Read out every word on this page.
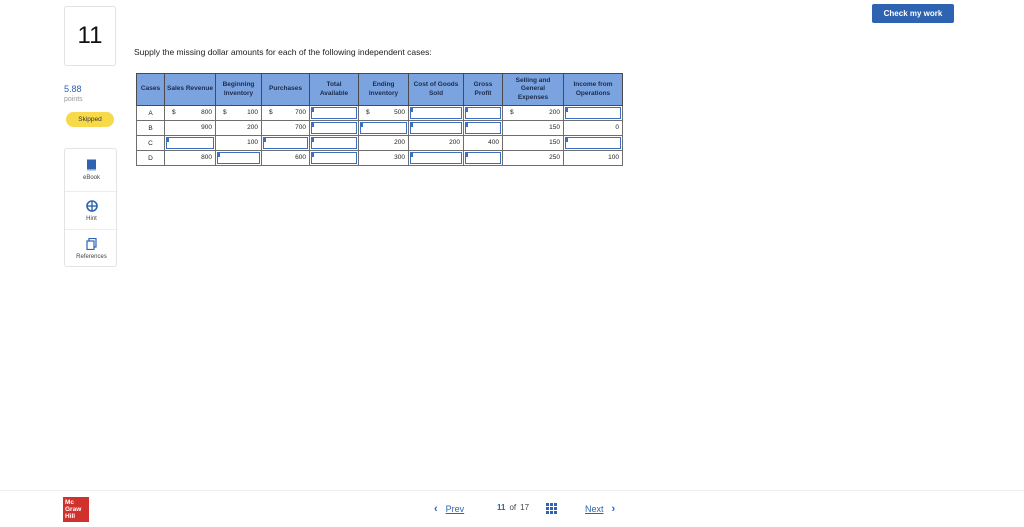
Check my work
11
5.88
points
Skipped
eBook
Hint
References
Supply the missing dollar amounts for each of the following independent cases:
Cases	Sales Revenue	Beginning Inventory	Purchases	Total Available	Ending Inventory	Cost of Goods Sold	Gross Profit	Selling and General Expenses	Income from Operations
A	$ 800	$ 100	$ 700		$ 500			$ 200	

B	900	200	700					150	0

C		100			200	200	400	150	

D	800		600		300			250	100
Mc Graw Hill
‹ Prev	11 of 17	Next ›
